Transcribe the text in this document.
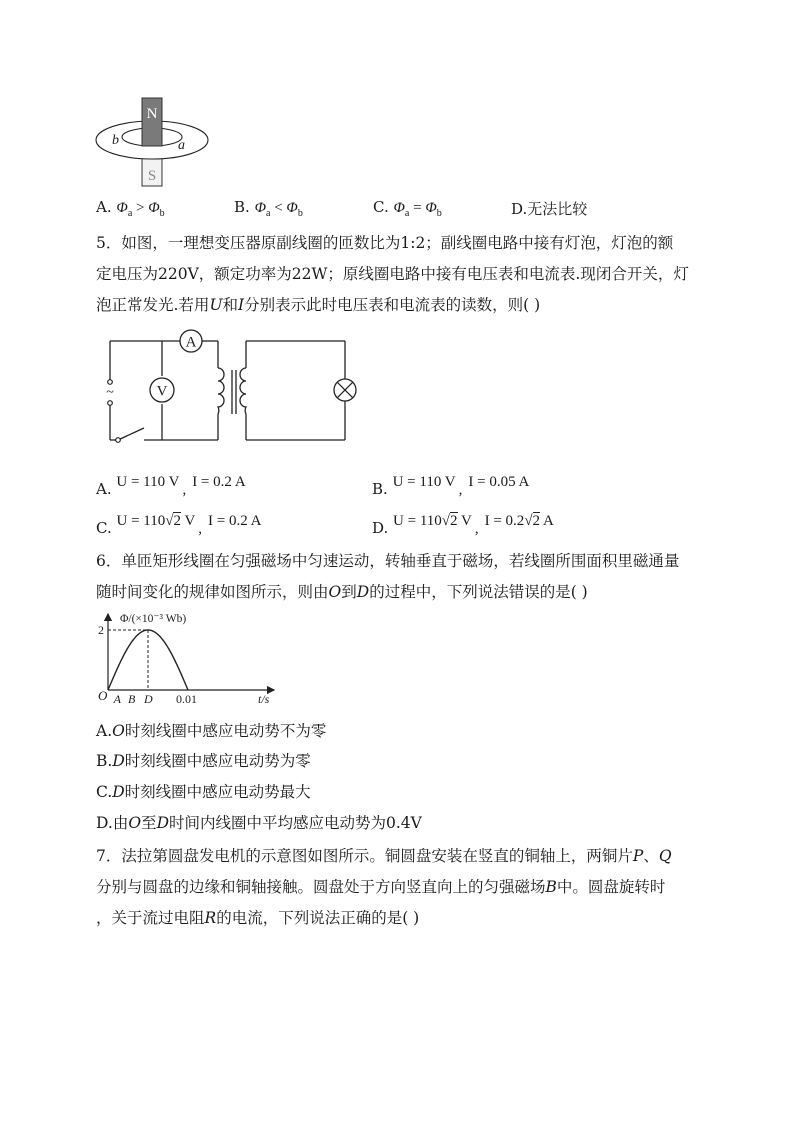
N
S
b	a
A. $\Phi_a > \Phi_b$	B. $\Phi_a < \Phi_b$	C. $\Phi_a = \Phi_b$	D.无法比较
5．如图，一理想变压器原副线圈的匝数比为1:2；副线圈电路中接有灯泡，灯泡的额
定电压为220V，额定功率为22W；原线圈电路中接有电压表和电流表.现闭合开关，灯
泡正常发光.若用U和I分别表示此时电压表和电流表的读数，则( )
~
A
V
A. U = 110 V , I = 0.2 A	B. U = 110 V , I = 0.05 A
C. U = 110√2 V , I = 0.2 A	D. U = 110√2 V , I = 0.2√2 A
6．单匝矩形线圈在匀强磁场中匀速运动，转轴垂直于磁场，若线圈所围面积里磁通量
随时间变化的规律如图所示，则由O到D的过程中，下列说法错误的是( )
Φ/(×10⁻³ Wb)
t/s
O
2
A B D 0.01
A.O时刻线圈中感应电动势不为零
B.D时刻线圈中感应电动势为零
C.D时刻线圈中感应电动势最大
D.由O至D时间内线圈中平均感应电动势为0.4V
7．法拉第圆盘发电机的示意图如图所示。铜圆盘安装在竖直的铜轴上，两铜片P、Q
分别与圆盘的边缘和铜轴接触。圆盘处于方向竖直向上的匀强磁场B中。圆盘旋转时
，关于流过电阻R的电流，下列说法正确的是( )
